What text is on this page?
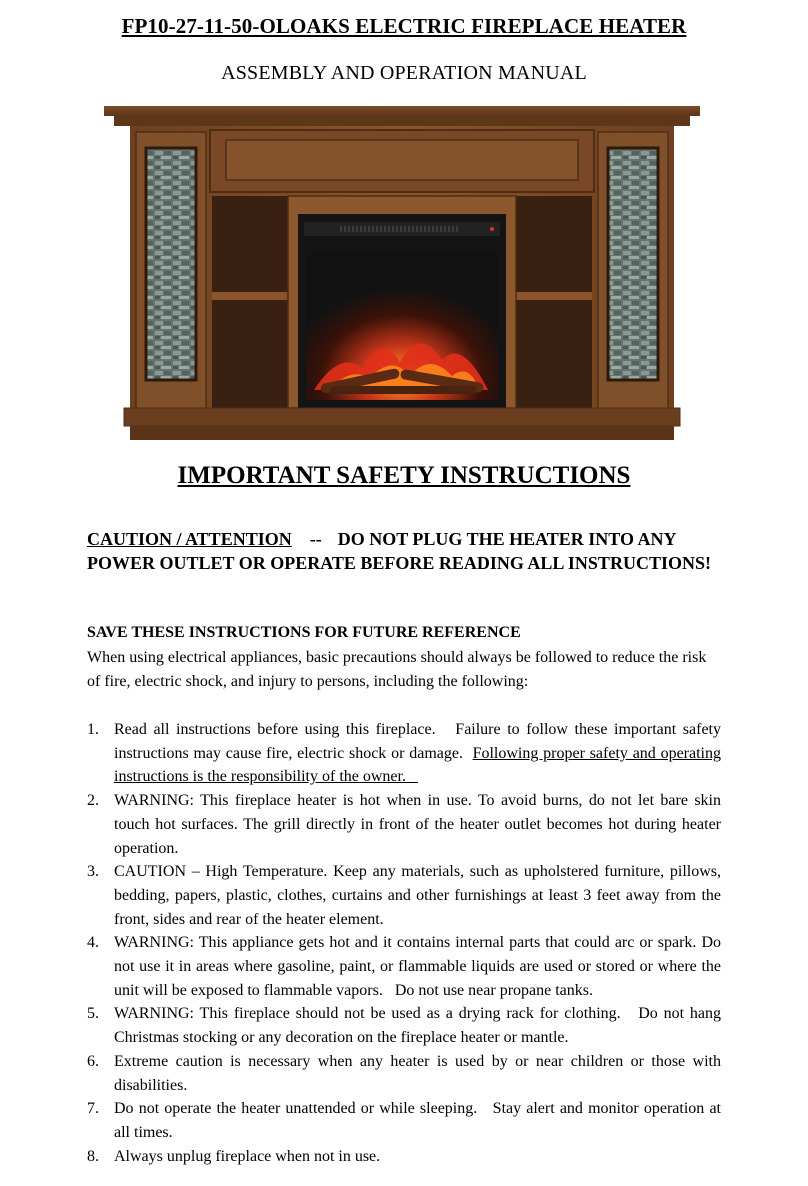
FP10-27-11-50-OLOAKS ELECTRIC FIREPLACE HEATER
ASSEMBLY AND OPERATION MANUAL
IMPORTANT SAFETY INSTRUCTIONS
CAUTION / ATTENTION -- DO NOT PLUG THE HEATER INTO ANY POWER OUTLET OR OPERATE BEFORE READING ALL INSTRUCTIONS!
SAVE THESE INSTRUCTIONS FOR FUTURE REFERENCE
When using electrical appliances, basic precautions should always be followed to reduce the risk of fire, electric shock, and injury to persons, including the following:
1. Read all instructions before using this fireplace.   Failure to follow these important safety instructions may cause fire, electric shock or damage.  Following proper safety and operating instructions is the responsibility of the owner.
2. WARNING: This fireplace heater is hot when in use. To avoid burns, do not let bare skin touch hot surfaces. The grill directly in front of the heater outlet becomes hot during heater operation.
3. CAUTION – High Temperature. Keep any materials, such as upholstered furniture, pillows, bedding, papers, plastic, clothes, curtains and other furnishings at least 3 feet away from the front, sides and rear of the heater element.
4. WARNING: This appliance gets hot and it contains internal parts that could arc or spark. Do not use it in areas where gasoline, paint, or flammable liquids are used or stored or where the unit will be exposed to flammable vapors.   Do not use near propane tanks.
5. WARNING: This fireplace should not be used as a drying rack for clothing.   Do not hang Christmas stocking or any decoration on the fireplace heater or mantle.
6. Extreme caution is necessary when any heater is used by or near children or those with disabilities.
7. Do not operate the heater unattended or while sleeping.   Stay alert and monitor operation at all times.
8. Always unplug fireplace when not in use.
